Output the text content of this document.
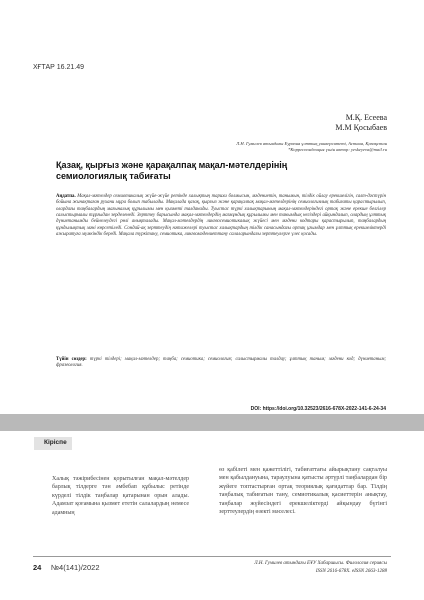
ХҒТАР 16.21.49
М.Қ. Есеева
М.М Қосыбаев
Л.Н. Гумилев атындағы Еуразия ұлттық университеті, Астана, Қазақстан
*Корреспонденция үшін автор: yeskeyeva@mail.ru
Қазақ, қырғыз және қарақалпақ мақал-мәтелдерінің
семиологиялық табиғаты
Аңдатпа. Мақал-мәтелдер семиотикалық жүйе-жүйе ретінде халықтың тарихи болмысын, мәдениетін, танымын, тілдік ойлау ерекшелігін, салт-дәстүрін бойына жинақтаған рухани мұра болып табылады. Мақалада қазақ, қырғыз және қарақалпақ мақал-мәтелдерінің семиологиялық табиғаты қарастырылып, олардағы таңбалардың мағыналық құрылымы мен қызметі талданады. Туыстас түркі халықтарының мақал-мәтелдеріндегі ортақ және ерекше белгілер салыстырмалы тұрғыдан зерделенеді. Зерттеу барысында мақал-мәтелдердің мазмұндық құрылымы мен танымдық негіздері айқындалып, олардың ұлттық дүниетанымды бейнелеудегі рөлі анықталады. Мақал-мәтелдердің лингвосемиотикалық жүйесі мен мәдени кодтары қарастырылып, таңбалардың құндылықтық мәні көрсетіледі. Сондай-ақ зерттеудің нәтижелері туыстас халықтардың тілдік санасындағы ортақ ұғымдар мен ұлттық ерекшеліктерді ажыратуға мүмкіндік береді. Мақала түркітану, семиотика, лингвомәдениеттану салаларындағы зерттеулерге үлес қосады.
Түйін сөздер: түркі тілдері; мақал-мәтелдер; таңба; семиотика; семиология; салыстырмалы талдау; ұлттық таным; мәдени код; дүниетаным; фразеология.
DOI: https://doi.org/10.32523/2616-678X-2022-141-6-24-34
Кіріспе
Халық тәжірибесінен қорытылған мақал-мәтелдер барлық тілдерге тән әмбебап құбылыс ретінде күрделі тілдік таңбалар қатарынан орын алады. Адамзат қоғамына қызмет ететін салалардың немесе адамның
өз қабілеті мен қажеттілігі, табиғаттағы айырықтану сақталуы мен қабылдануына, тараулуына қатысты әртүрлі таңбалардан бір жүйеге топтастырған ортақ теориялық қағидаттар бар. Тілдің таңбалық табиғатын тану, семиотикалық қасиеттерін анықтау, таңбалар жүйесіндегі ерекшеліктерді айқындау бүгінгі зерттеулердің өзекті мәселесі.
24 №4(141)/2022	Л.Н. Гумилев атындағы ЕҰУ Хабаршысы. Филология сериясы
ISSN 2616-678X. eISSN 2663-1288
